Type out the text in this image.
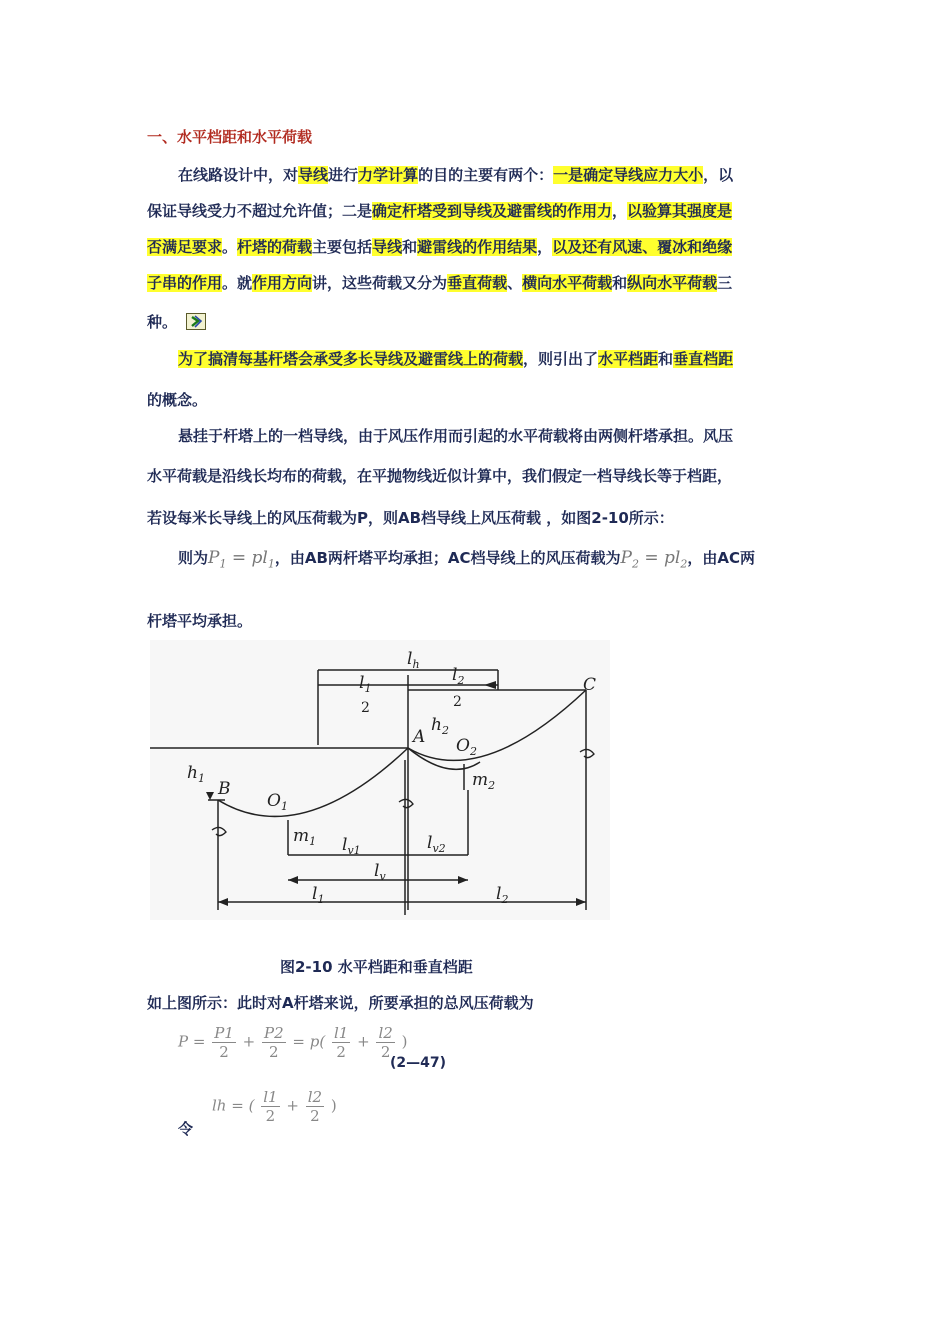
一、水平档距和水平荷载
在线路设计中，对导线进行力学计算的目的主要有两个：一是确定导线应力大小，以
保证导线受力不超过允许值；二是确定杆塔受到导线及避雷线的作用力，以验算其强度是
否满足要求。杆塔的荷载主要包括导线和避雷线的作用结果，以及还有风速、覆冰和绝缘
子串的作用。就作用方向讲，这些荷载又分为垂直荷载、横向水平荷载和纵向水平荷载三
种。
为了搞清每基杆塔会承受多长导线及避雷线上的荷载，则引出了水平档距和垂直档距
的概念。
悬挂于杆塔上的一档导线，由于风压作用而引起的水平荷载将由两侧杆塔承担。风压
水平荷载是沿线长均布的荷载，在平抛物线近似计算中，我们假定一档导线长等于档距，
若设每米长导线上的风压荷载为P，则AB档导线上风压荷载 ，如图2-10所示：
则为$P_1 = pl_1$，由AB两杆塔平均承担；AC档导线上的风压荷载为$P_2 = pl_2$，由AC两
杆塔平均承担。
$l_h$
$l_1$
2
$l_2$
2
C
$h_2$
A $O_2$
$h_1$
B
$O_1$
$m_2$
$m_1$ $l_{v1}$	$l_{v2}$
$l_v$
$l_1$	$l_2$
图2-10 水平档距和垂直档距
如上图所示：此时对A杆塔来说，所要承担的总风压荷载为
$P = \frac{P1}{2} + \frac{P2}{2} = p( \frac{l1}{2} + \frac{l2}{2}$ )
(2—47)
令
lh = ( $\frac{l1}{2} + \frac{l2}{2}$ )
